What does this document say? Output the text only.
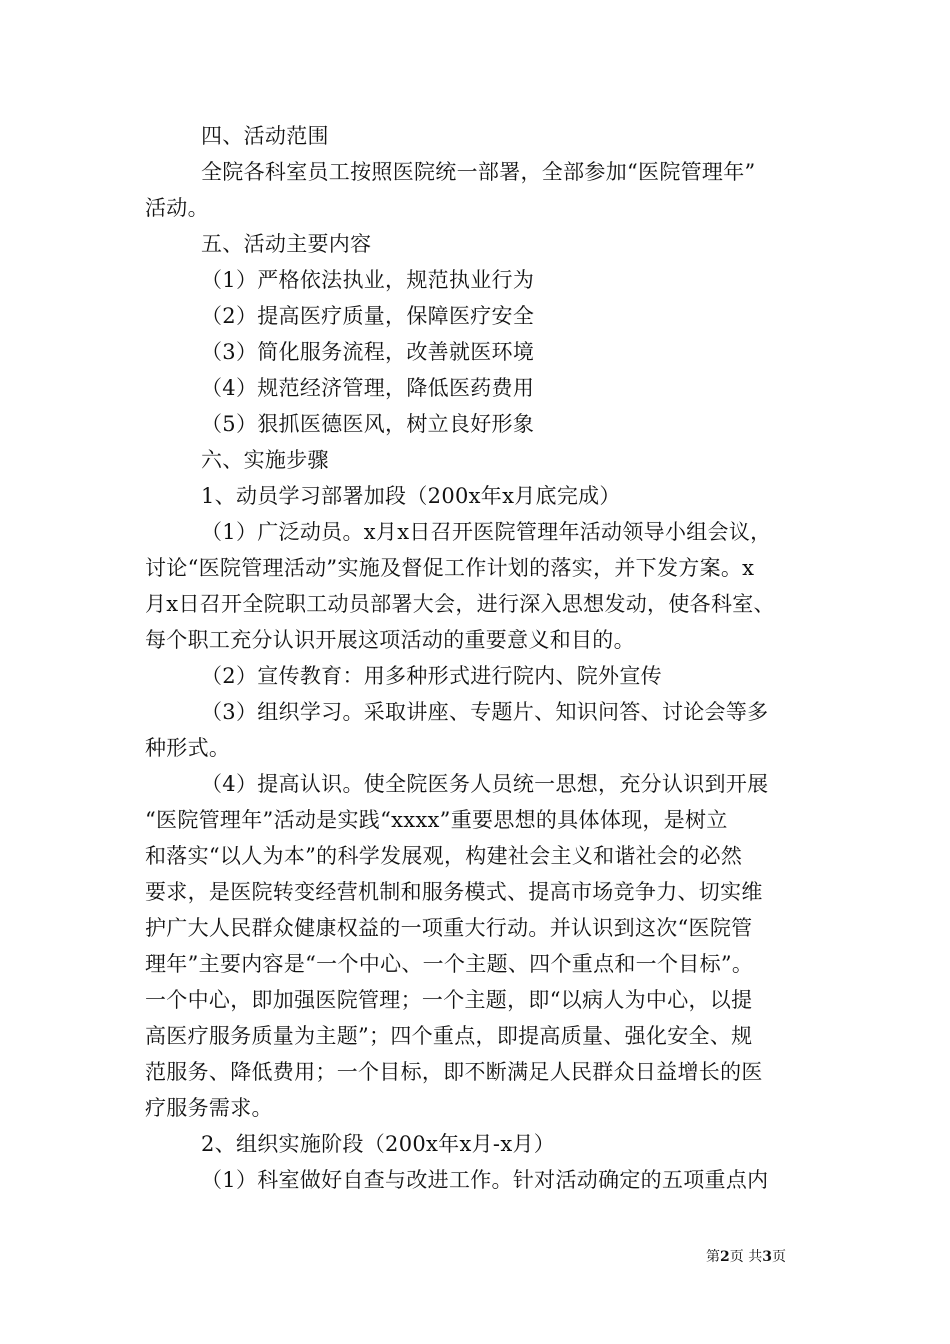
四、活动范围
全院各科室员工按照医院统一部署，全部参加“医院管理年”
活动。
五、活动主要内容
（1）严格依法执业，规范执业行为
（2）提高医疗质量，保障医疗安全
（3）简化服务流程，改善就医环境
（4）规范经济管理，降低医药费用
（5）狠抓医德医风，树立良好形象
六、实施步骤
1、动员学习部署加段（200x年x月底完成）
（1）广泛动员。x月x日召开医院管理年活动领导小组会议，
讨论“医院管理活动”实施及督促工作计划的落实，并下发方案。x
月x日召开全院职工动员部署大会，进行深入思想发动，使各科室、
每个职工充分认识开展这项活动的重要意义和目的。
（2）宣传教育：用多种形式进行院内、院外宣传
（3）组织学习。采取讲座、专题片、知识问答、讨论会等多
种形式。
（4）提高认识。使全院医务人员统一思想，充分认识到开展
“医院管理年”活动是实践“xxxx”重要思想的具体体现，是树立
和落实“以人为本”的科学发展观，构建社会主义和谐社会的必然
要求，是医院转变经营机制和服务模式、提高市场竞争力、切实维
护广大人民群众健康权益的一项重大行动。并认识到这次“医院管
理年”主要内容是“一个中心、一个主题、四个重点和一个目标”。
一个中心，即加强医院管理；一个主题，即“以病人为中心，以提
高医疗服务质量为主题”；四个重点，即提高质量、强化安全、规
范服务、降低费用；一个目标，即不断满足人民群众日益增长的医
疗服务需求。
2、组织实施阶段（200x年x月-x月）
（1）科室做好自查与改进工作。针对活动确定的五项重点内
第2页 共3页
